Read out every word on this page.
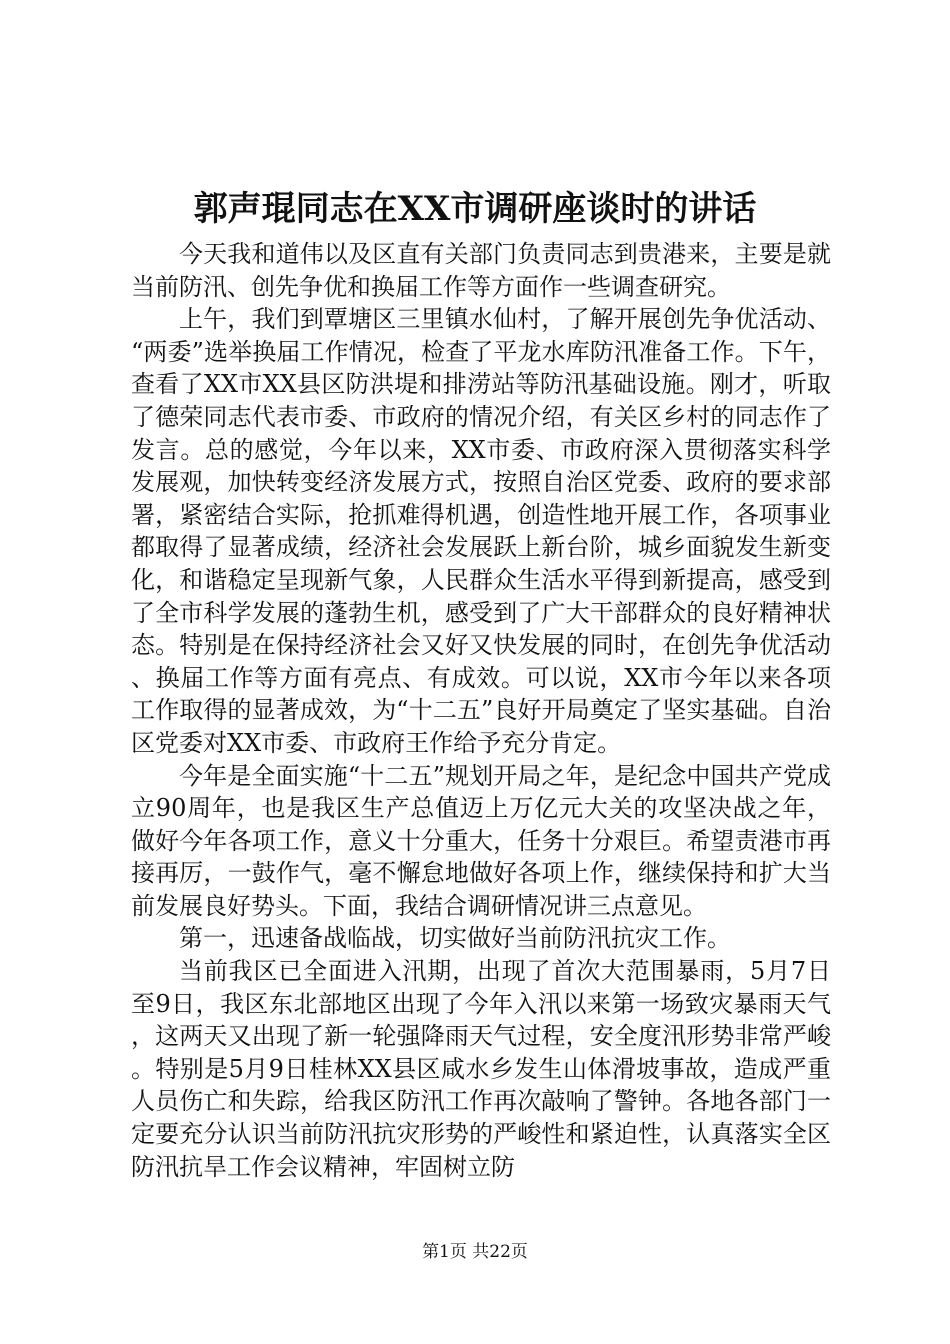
郭声琨同志在XX市调研座谈时的讲话

今天我和道伟以及区直有关部门负责同志到贵港来，主要是就当前防汛、创先争优和换届工作等方面作一些调查研究。

上午，我们到覃塘区三里镇水仙村，了解开展创先争优活动、“两委”选举换届工作情况，检查了平龙水库防汛准备工作。下午，查看了XX市XX县区防洪堤和排涝站等防汛基础设施。刚才，听取了德荣同志代表市委、市政府的情况介绍，有关区乡村的同志作了发言。总的感觉，今年以来，XX市委、市政府深入贯彻落实科学发展观，加快转变经济发展方式，按照自治区党委、政府的要求部署，紧密结合实际，抢抓难得机遇，创造性地开展工作，各项事业都取得了显著成绩，经济社会发展跃上新台阶，城乡面貌发生新变化，和谐稳定呈现新气象，人民群众生活水平得到新提高，感受到了全市科学发展的蓬勃生机，感受到了广大干部群众的良好精神状态。特别是在保持经济社会又好又快发展的同时，在创先争优活动、换届工作等方面有亮点、有成效。可以说，XX市今年以来各项工作取得的显著成效，为“十二五”良好开局奠定了坚实基础。自治区党委对XX市委、市政府王作给予充分肯定。

今年是全面实施“十二五”规划开局之年，是纪念中国共产党成立90周年，也是我区生产总值迈上万亿元大关的攻坚决战之年，做好今年各项工作，意义十分重大，任务十分艰巨。希望责港市再接再厉，一鼓作气，毫不懈怠地做好各项上作，继续保持和扩大当前发展良好势头。下面，我结合调研情况讲三点意见。

第一，迅速备战临战，切实做好当前防汛抗灾工作。

当前我区已全面进入汛期，出现了首次大范围暴雨，5月7日至9日，我区东北部地区出现了今年入汛以来第一场致灾暴雨天气，这两天又出现了新一轮强降雨天气过程，安全度汛形势非常严峻。特别是5月9日桂林XX县区咸水乡发生山体滑坡事故，造成严重人员伤亡和失踪，给我区防汛工作再次敲响了警钟。各地各部门一定要充分认识当前防汛抗灾形势的严峻性和紧迫性，认真落实全区防汛抗旱工作会议精神，牢固树立防

第1页 共22页
